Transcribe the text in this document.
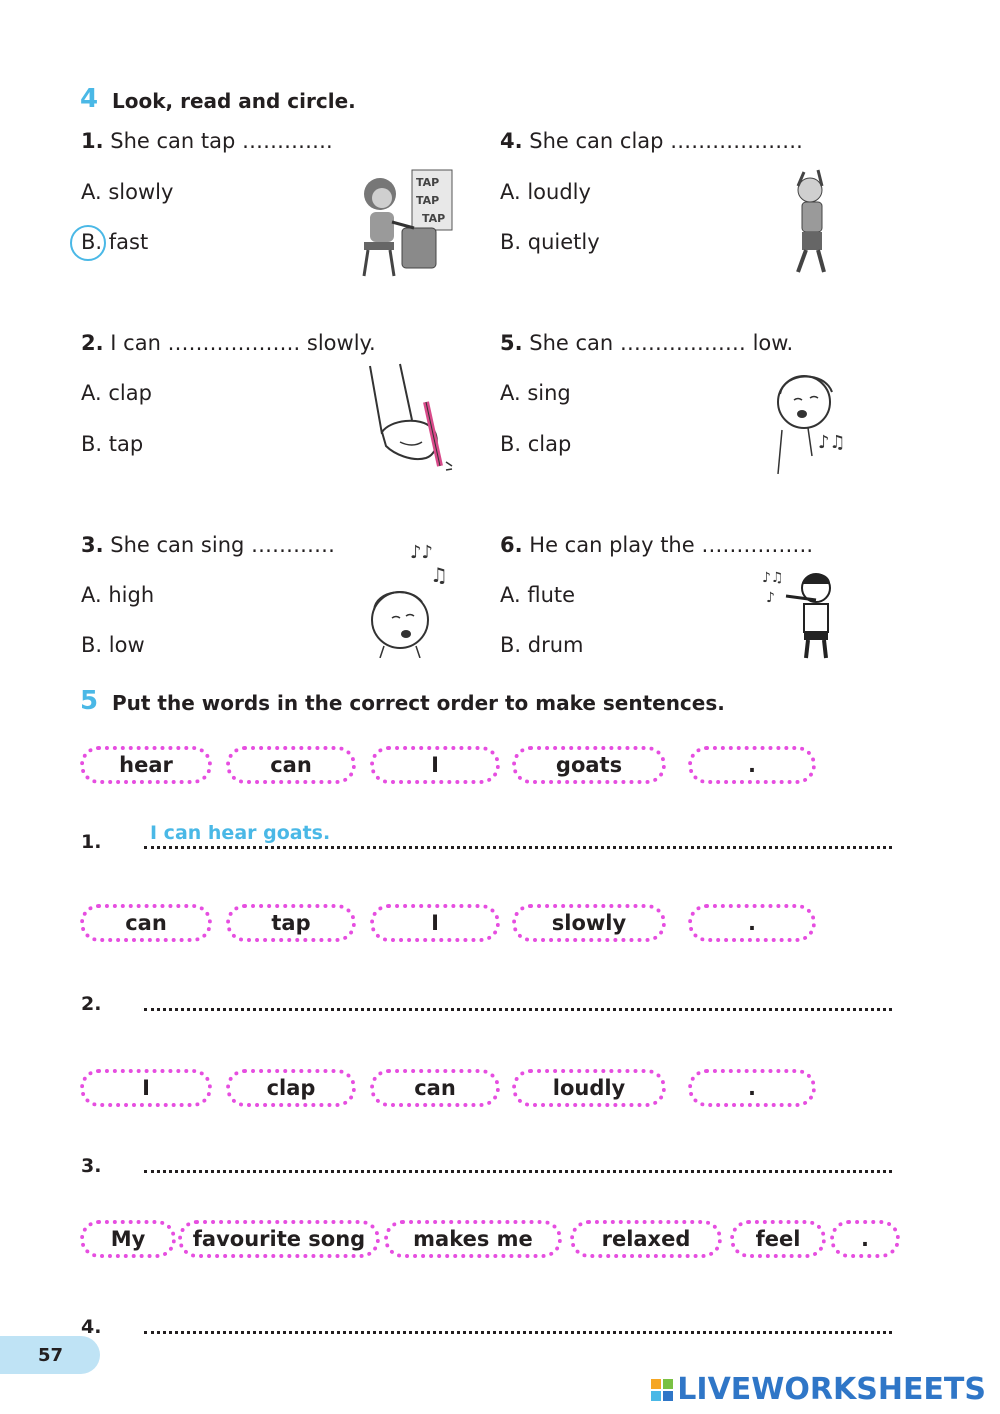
4 Look, read and circle.
1. She can tap ………….
A. slowly
B. fast
TAP
TAP
TAP
2. I can ………………. slowly.
A. clap
B. tap
3. She can sing …………
A. high
B. low
♪♪
♫
4. She can clap ……………….
A. loudly
B. quietly
5. She can ……………… low.
A. sing
B. clap	♪♫
6. He can play the …………….
A. flute
B. drum
♪♫
♪
5 Put the words in the correct order to make sentences.
hear	can	I	goats	.
1.	I can hear goats.
can	tap	I	slowly	.
2.
I	clap	can	loudly	.
3.
My	favourite song	makes me	relaxed	feel	.
4.
57
LIVEWORKSHEETS
